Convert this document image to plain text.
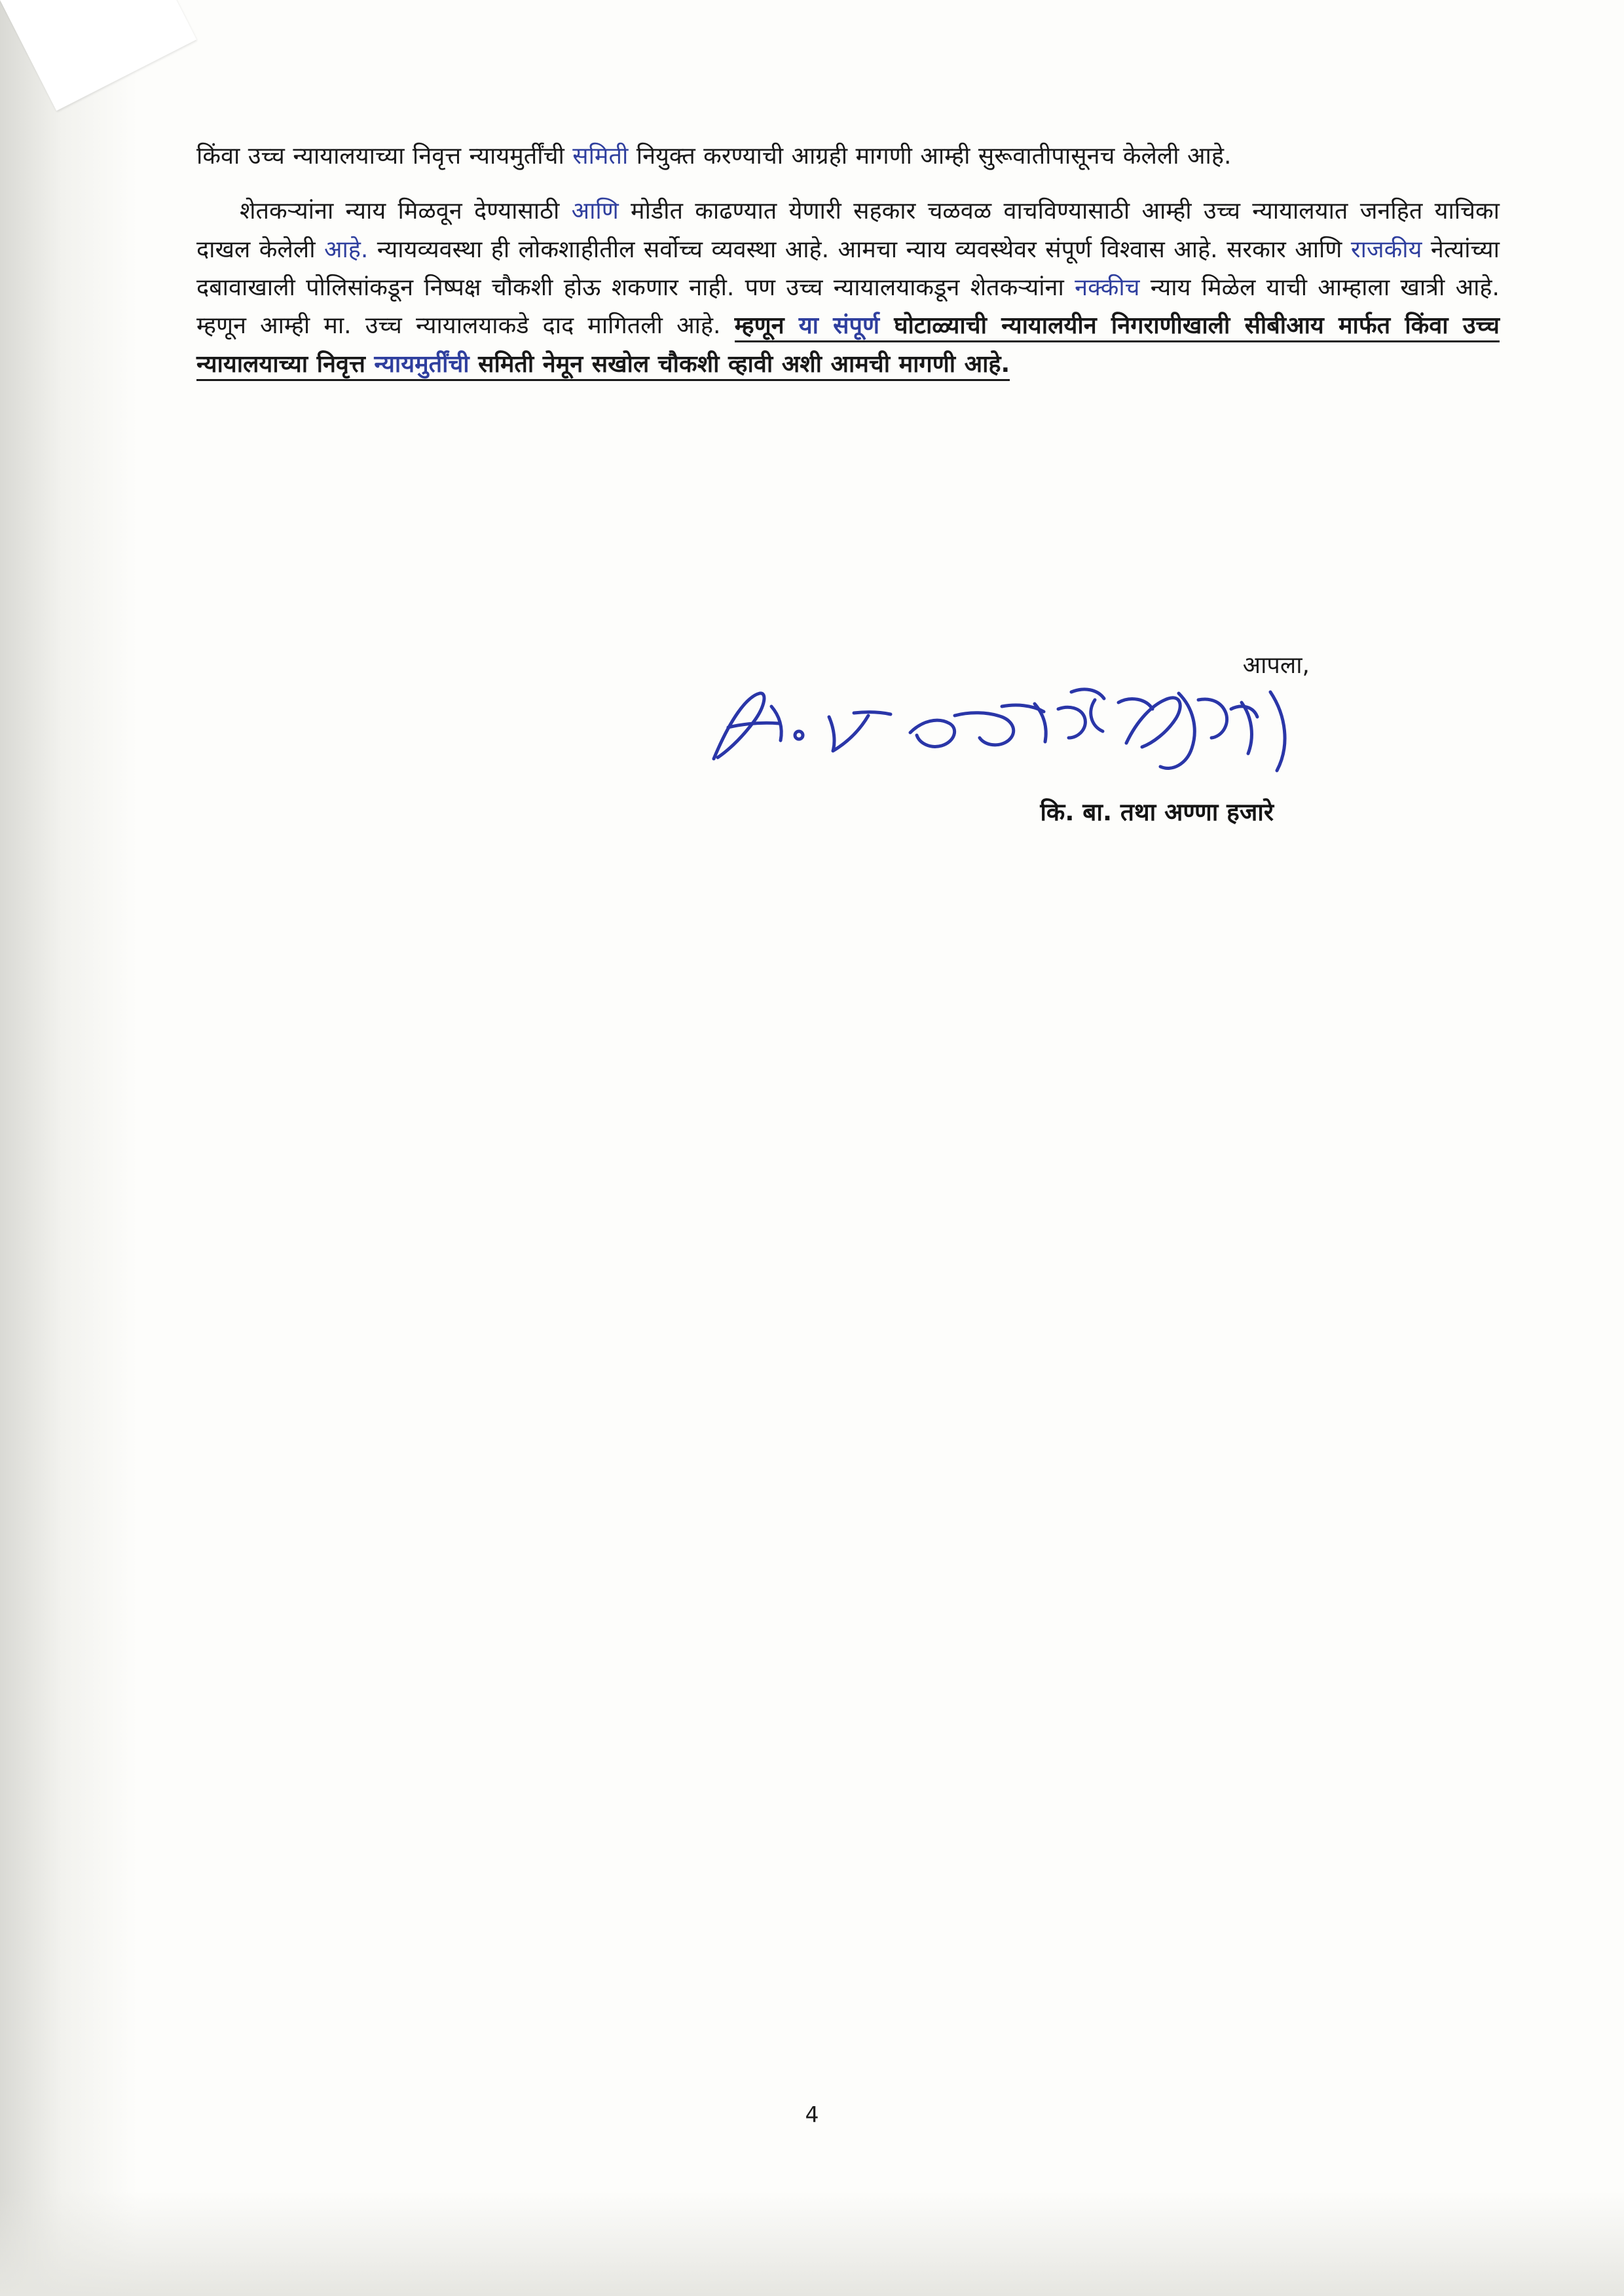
किंवा उच्च न्यायालयाच्या निवृत्त न्यायमुर्तींची समिती नियुक्त करण्याची आग्रही मागणी आम्ही सुरूवातीपासूनच केलेली आहे.

शेतकऱ्यांना न्याय मिळवून देण्यासाठी आणि मोडीत काढण्यात येणारी सहकार चळवळ वाचविण्यासाठी आम्ही उच्च न्यायालयात जनहित याचिका दाखल केलेली आहे. न्यायव्यवस्था ही लोकशाहीतील सर्वोच्च व्यवस्था आहे. आमचा न्याय व्यवस्थेवर संपूर्ण विश्वास आहे. सरकार आणि राजकीय नेत्यांच्या दबावाखाली पोलिसांकडून निष्पक्ष चौकशी होऊ शकणार नाही. पण उच्च न्यायालयाकडून शेतकऱ्यांना नक्कीच न्याय मिळेल याची आम्हाला खात्री आहे. म्हणून आम्ही मा. उच्च न्यायालयाकडे दाद मागितली आहे. म्हणून या संपूर्ण घोटाळ्याची न्यायालयीन निगराणीखाली सीबीआय मार्फत किंवा उच्च न्यायालयाच्या निवृत्त न्यायमुर्तींची समिती नेमून सखोल चौकशी व्हावी अशी आमची मागणी आहे.

आपला,
कि. बा. तथा अण्णा हजारे
4
